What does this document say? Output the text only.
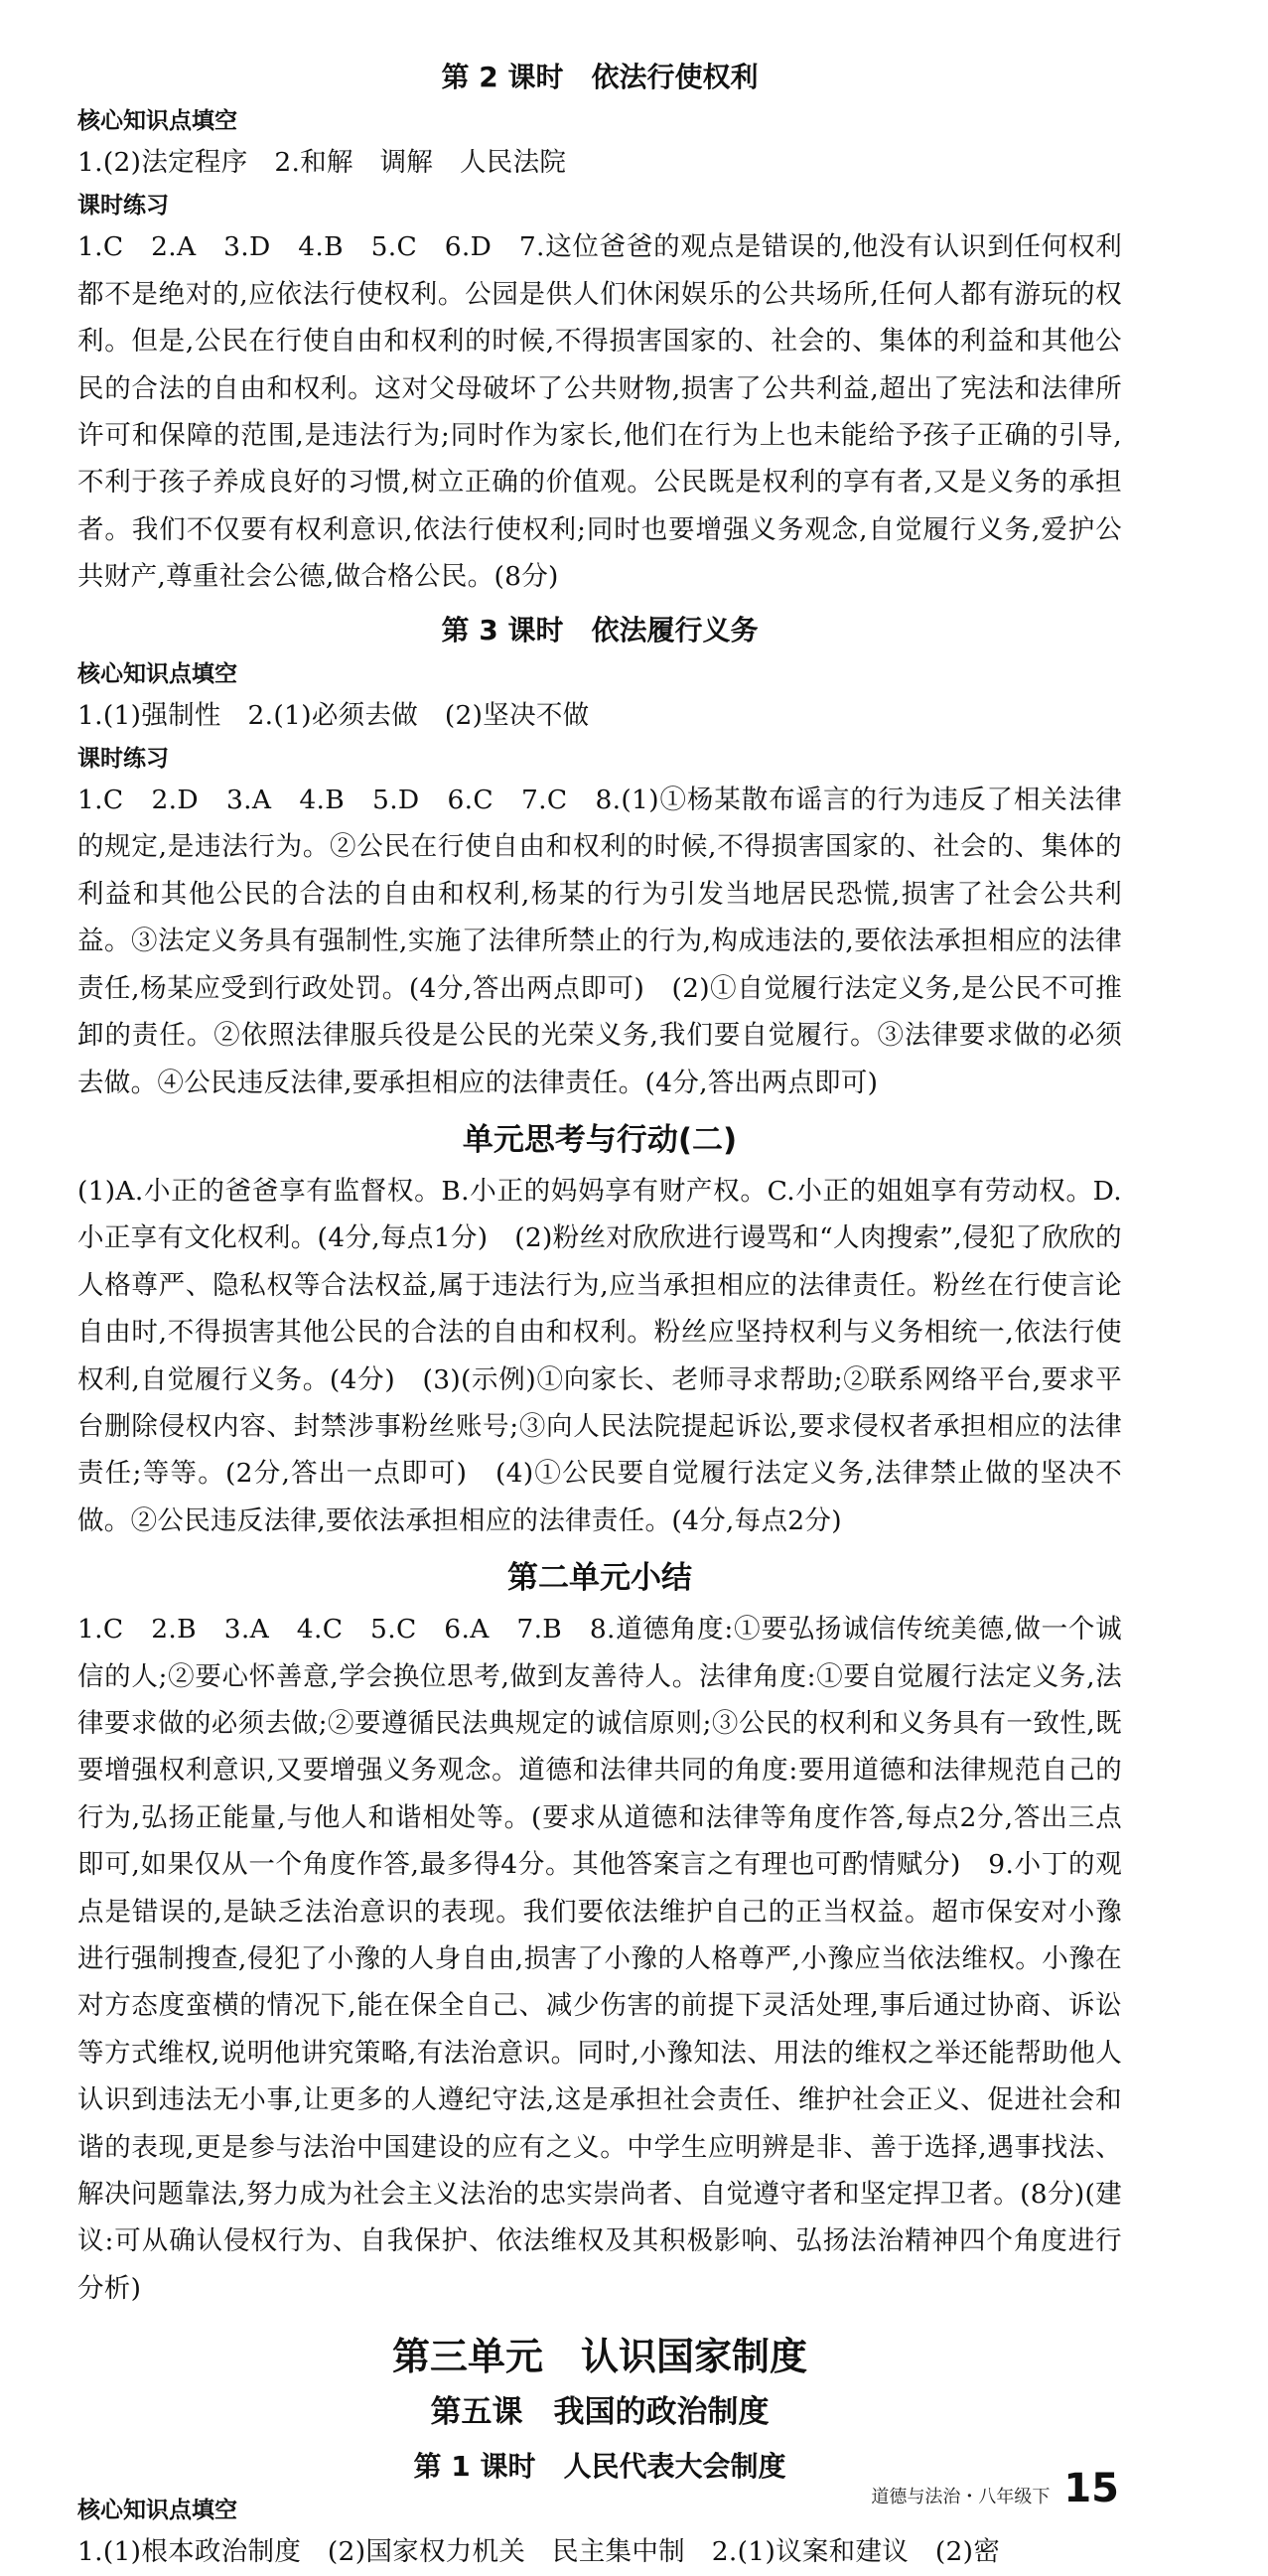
第 2 课时　依法行使权利
核心知识点填空
1.(2)法定程序　2.和解　调解　人民法院
课时练习
1.C　2.A　3.D　4.B　5.C　6.D　7.这位爸爸的观点是错误的,他没有认识到任何权利都不是绝对的,应依法行使权利。公园是供人们休闲娱乐的公共场所,任何人都有游玩的权利。但是,公民在行使自由和权利的时候,不得损害国家的、社会的、集体的利益和其他公民的合法的自由和权利。这对父母破坏了公共财物,损害了公共利益,超出了宪法和法律所许可和保障的范围,是违法行为;同时作为家长,他们在行为上也未能给予孩子正确的引导,不利于孩子养成良好的习惯,树立正确的价值观。公民既是权利的享有者,又是义务的承担者。我们不仅要有权利意识,依法行使权利;同时也要增强义务观念,自觉履行义务,爱护公共财产,尊重社会公德,做合格公民。(8分)
第 3 课时　依法履行义务
核心知识点填空
1.(1)强制性　2.(1)必须去做　(2)坚决不做
课时练习
1.C　2.D　3.A　4.B　5.D　6.C　7.C　8.(1)①杨某散布谣言的行为违反了相关法律的规定,是违法行为。②公民在行使自由和权利的时候,不得损害国家的、社会的、集体的利益和其他公民的合法的自由和权利,杨某的行为引发当地居民恐慌,损害了社会公共利益。③法定义务具有强制性,实施了法律所禁止的行为,构成违法的,要依法承担相应的法律责任,杨某应受到行政处罚。(4分,答出两点即可)　(2)①自觉履行法定义务,是公民不可推卸的责任。②依照法律服兵役是公民的光荣义务,我们要自觉履行。③法律要求做的必须去做。④公民违反法律,要承担相应的法律责任。(4分,答出两点即可)
单元思考与行动(二)
(1)A.小正的爸爸享有监督权。B.小正的妈妈享有财产权。C.小正的姐姐享有劳动权。D.小正享有文化权利。(4分,每点1分)　(2)粉丝对欣欣进行谩骂和“人肉搜索”,侵犯了欣欣的人格尊严、隐私权等合法权益,属于违法行为,应当承担相应的法律责任。粉丝在行使言论自由时,不得损害其他公民的合法的自由和权利。粉丝应坚持权利与义务相统一,依法行使权利,自觉履行义务。(4分)　(3)(示例)①向家长、老师寻求帮助;②联系网络平台,要求平台删除侵权内容、封禁涉事粉丝账号;③向人民法院提起诉讼,要求侵权者承担相应的法律责任;等等。(2分,答出一点即可)　(4)①公民要自觉履行法定义务,法律禁止做的坚决不做。②公民违反法律,要依法承担相应的法律责任。(4分,每点2分)
第二单元小结
1.C　2.B　3.A　4.C　5.C　6.A　7.B　8.道德角度:①要弘扬诚信传统美德,做一个诚信的人;②要心怀善意,学会换位思考,做到友善待人。法律角度:①要自觉履行法定义务,法律要求做的必须去做;②要遵循民法典规定的诚信原则;③公民的权利和义务具有一致性,既要增强权利意识,又要增强义务观念。道德和法律共同的角度:要用道德和法律规范自己的行为,弘扬正能量,与他人和谐相处等。(要求从道德和法律等角度作答,每点2分,答出三点即可,如果仅从一个角度作答,最多得4分。其他答案言之有理也可酌情赋分)　9.小丁的观点是错误的,是缺乏法治意识的表现。我们要依法维护自己的正当权益。超市保安对小豫进行强制搜查,侵犯了小豫的人身自由,损害了小豫的人格尊严,小豫应当依法维权。小豫在对方态度蛮横的情况下,能在保全自己、减少伤害的前提下灵活处理,事后通过协商、诉讼等方式维权,说明他讲究策略,有法治意识。同时,小豫知法、用法的维权之举还能帮助他人认识到违法无小事,让更多的人遵纪守法,这是承担社会责任、维护社会正义、促进社会和谐的表现,更是参与法治中国建设的应有之义。中学生应明辨是非、善于选择,遇事找法、解决问题靠法,努力成为社会主义法治的忠实崇尚者、自觉遵守者和坚定捍卫者。(8分)(建议:可从确认侵权行为、自我保护、依法维权及其积极影响、弘扬法治精神四个角度进行分析)
第三单元　认识国家制度
第五课　我国的政治制度
第 1 课时　人民代表大会制度
核心知识点填空
1.(1)根本政治制度　(2)国家权力机关　民主集中制　2.(1)议案和建议　(2)密
道德与法治・八年级下 15
